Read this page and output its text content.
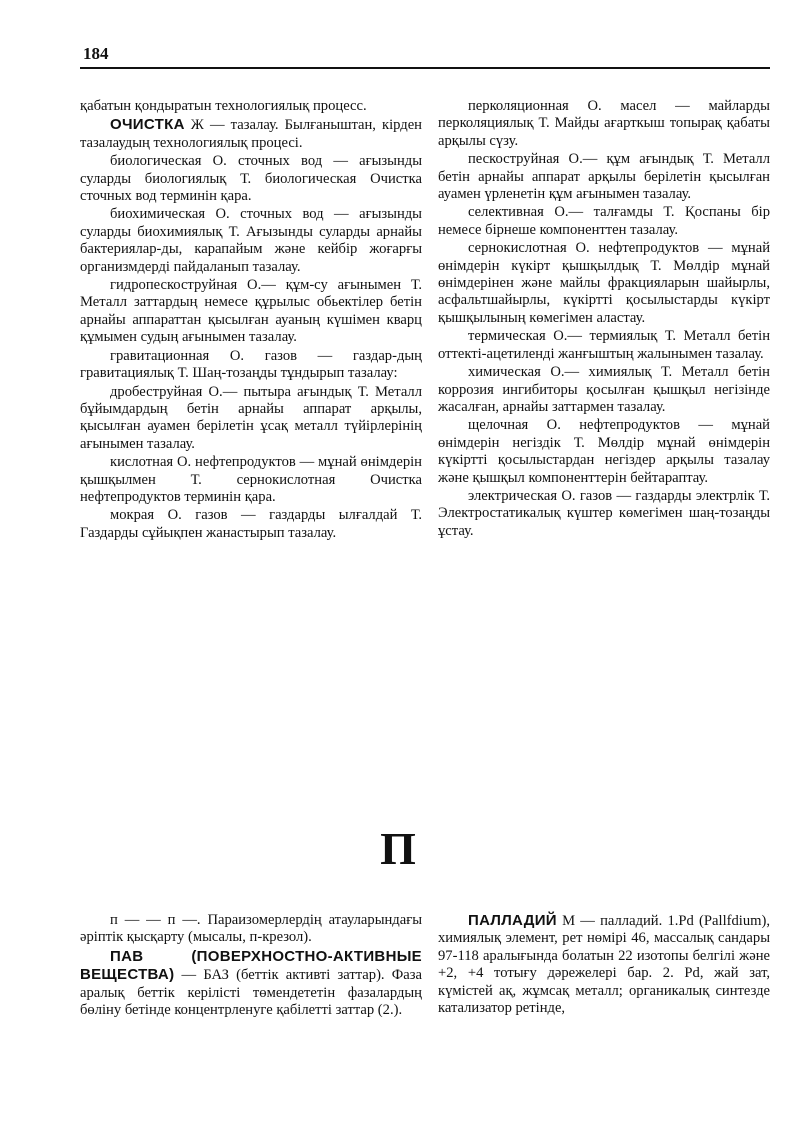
184

қабатын қондыратын технологиялық процесс.

ОЧИСТКА Ж — тазалау. Былғаныштан, кірден тазалаудың технологиялық процесі.

биологическая О. сточных вод — ағызынды суларды биологиялық Т. биологическая Очистка сточных вод терминін қара.

биохимическая О. сточных вод — ағызынды суларды биохимиялық Т. Ағызынды суларды арнайы бактериялар-ды, карапайым және кейбір жоғарғы организмдерді пайдаланып тазалау.

гидропескоструйная О.— құм-су ағынымен Т. Металл заттардың немесе құрылыс обьектілер бетін арнайы аппараттан қысылған ауаның күшімен кварц құмымен судың ағынымен тазалау.

гравитационная О. газов — газдар-дың гравитациялық Т. Шаң-тозаңды тұндырып тазалау:

дробеструйная О.— пытыра ағындық Т. Металл бұйымдардың бетін арнайы аппарат арқылы, қысылған ауамен берілетін ұсақ металл түйірлерінің ағынымен тазалау.

кислотная О. нефтепродуктов — мұнай өнімдерін қышқылмен Т. сернокислотная Очистка нефтепродуктов терминін қара.

мокрая О. газов — газдарды ылғалдай Т. Газдарды сұйықпен жанастырып тазалау.

перколяционная О. масел — майларды перколяциялық Т. Майды ағарткыш топырақ қабаты арқылы сүзу.

пескоструйная О.— құм ағындық Т. Металл бетін арнайы аппарат арқылы берілетін қысылған ауамен үрленетін құм ағынымен тазалау.

селективная О.— талғамды Т. Қоспаны бір немесе бірнеше компоненттен тазалау.

сернокислотная О. нефтепродуктов — мұнай өнімдерін күкірт қышқылдық Т. Мөлдір мұнай өнімдерінен және майлы фракцияларын шайырлы, асфальтшайырлы, күкіртті қосылыстарды күкірт қышқылының көмегімен аластау.

термическая О.— термиялық Т. Металл бетін оттекті-ацетиленді жанғыштың жалынымен тазалау.

химическая О.— химиялық Т. Металл бетін коррозия ингибиторы қосылған қышқыл негізінде жасалған, арнайы заттармен тазалау.

щелочная О. нефтепродуктов — мұнай өнімдерін негіздік Т. Мөлдір мұнай өнімдерін күкіртті қосылыстардан негіздер арқылы тазалау және қышқыл компоненттерін бейтараптау.

электрическая О. газов — газдарды электрлік Т. Электростатикалық күштер көмегімен шаң-тозаңды ұстау.

П

п — — п —. Параизомерлердің атауларындағы әріптік қысқарту (мысалы, п-крезол).

ПАВ (ПОВЕРХНОСТНО-АКТИВНЫЕ ВЕЩЕСТВА) — БАЗ (беттік активті заттар). Фаза аралық беттік керілісті төмендететін фазалардың бөліну бетінде концентрленуге қабілетті заттар (2.).

ПАЛЛАДИЙ М — палладий. 1.Pd (Pallfdium), химиялық элемент, рет нөмірі 46, массалық сандары 97-118 аралығында болатын 22 изотопы белгілі және +2, +4 тотығу дәрежелері бар. 2. Pd, жай зат, күмістей ақ, жұмсақ металл; органикалық синтезде катализатор ретінде,
